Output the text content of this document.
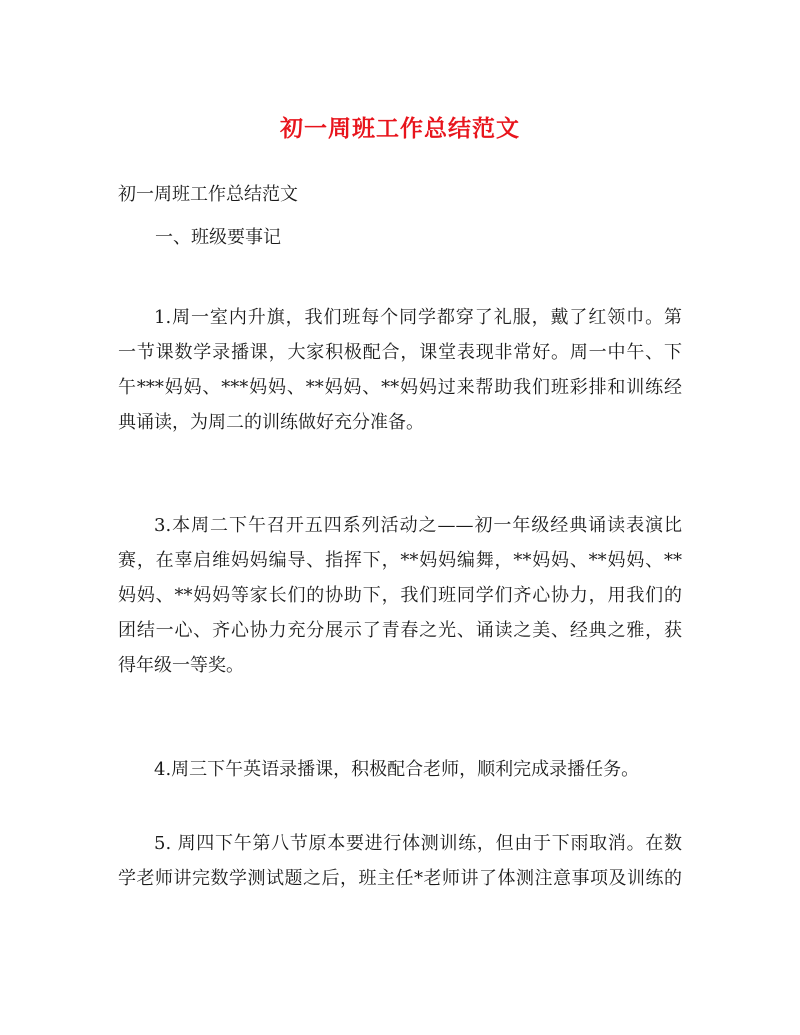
初一周班工作总结范文
初一周班工作总结范文
一、班级要事记
1.周一室内升旗，我们班每个同学都穿了礼服，戴了红领巾。第
一节课数学录播课，大家积极配合，课堂表现非常好。周一中午、下
午***妈妈、***妈妈、**妈妈、**妈妈过来帮助我们班彩排和训练经
典诵读，为周二的训练做好充分准备。
3.本周二下午召开五四系列活动之——初一年级经典诵读表演比
赛，在辜启维妈妈编导、指挥下，**妈妈编舞，**妈妈、**妈妈、**
妈妈、**妈妈等家长们的协助下，我们班同学们齐心协力，用我们的
团结一心、齐心协力充分展示了青春之光、诵读之美、经典之雅，获
得年级一等奖。
4.周三下午英语录播课，积极配合老师，顺利完成录播任务。
5. 周四下午第八节原本要进行体测训练，但由于下雨取消。在数
学老师讲完数学测试题之后，班主任*老师讲了体测注意事项及训练的
